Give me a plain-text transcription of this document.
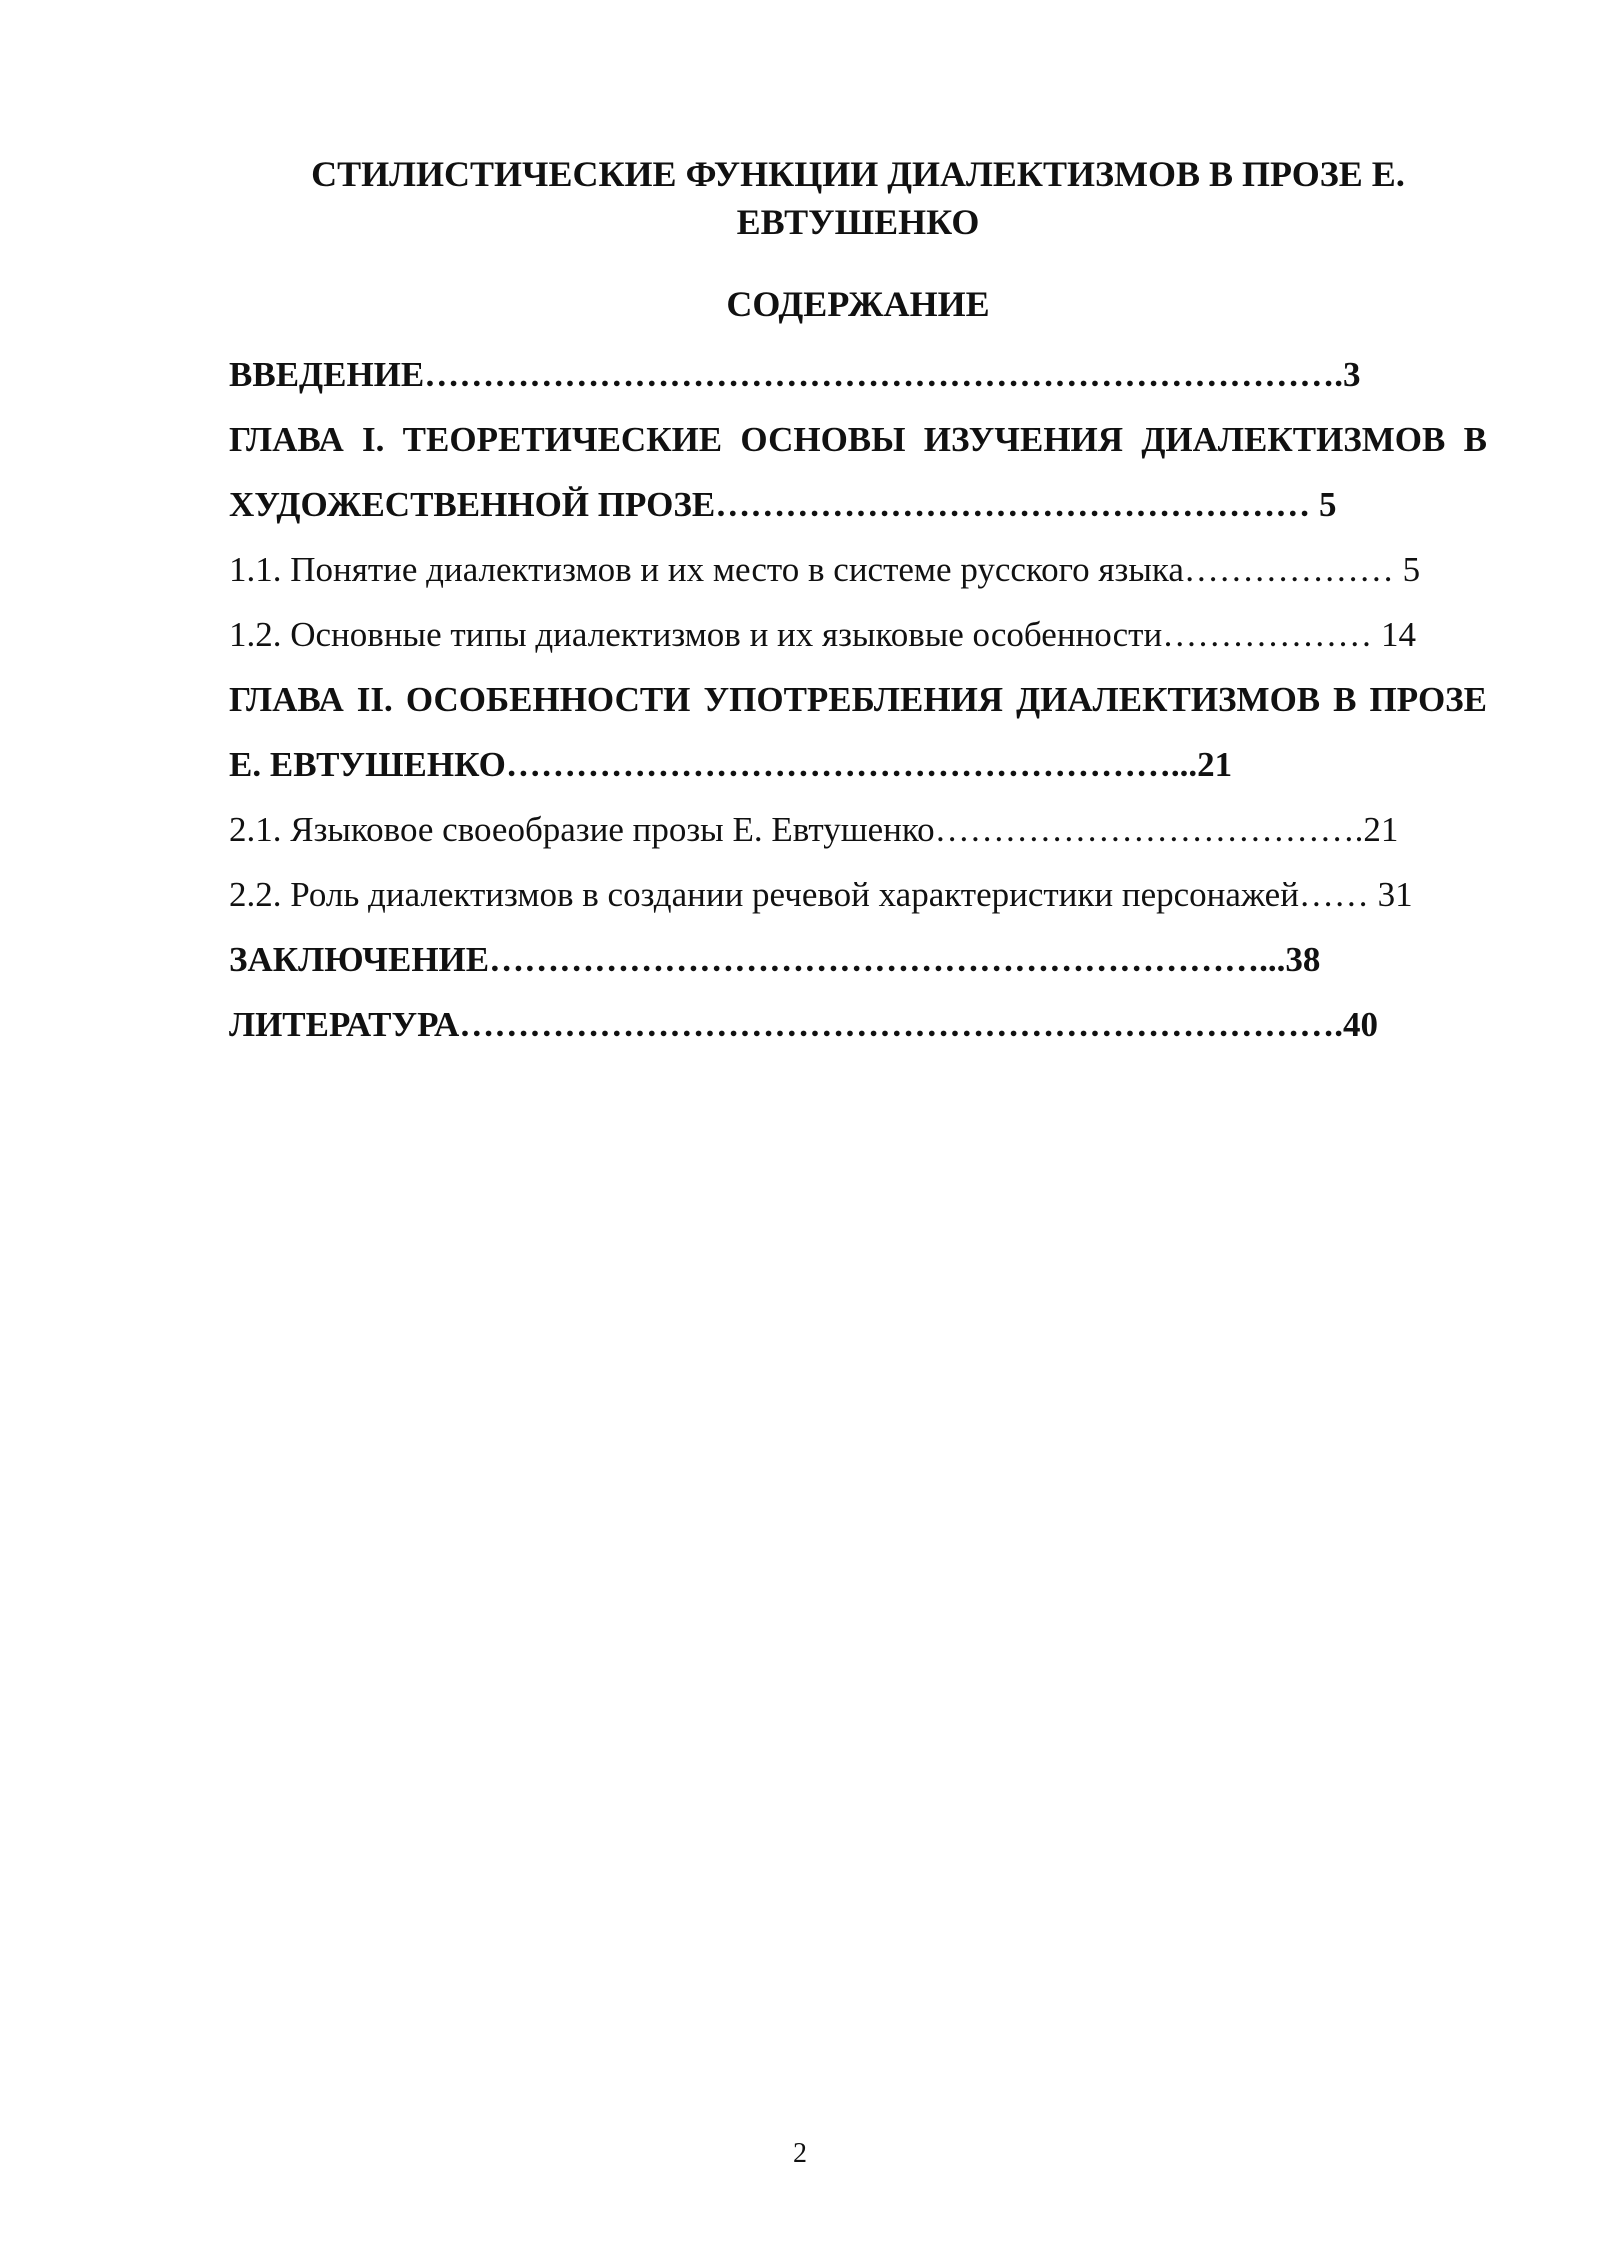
СТИЛИСТИЧЕСКИЕ ФУНКЦИИ ДИАЛЕКТИЗМОВ В ПРОЗЕ Е. ЕВТУШЕНКО

СОДЕРЖАНИЕ

ВВЕДЕНИЕ…………………………………………………………………….3

ГЛАВА I. ТЕОРЕТИЧЕСКИЕ ОСНОВЫ ИЗУЧЕНИЯ ДИАЛЕКТИЗМОВ В ХУДОЖЕСТВЕННОЙ ПРОЗЕ…………………………………………… 5

1.1. Понятие диалектизмов и их место в системе русского языка……………… 5

1.2. Основные типы диалектизмов и их языковые особенности……………… 14

ГЛАВА II. ОСОБЕННОСТИ УПОТРЕБЛЕНИЯ ДИАЛЕКТИЗМОВ В ПРОЗЕ Е. ЕВТУШЕНКО…………………………………………………...21

2.1. Языковое своеобразие прозы Е. Евтушенко……………………………….21

2.2. Роль диалектизмов в создании речевой характеристики персонажей…… 31

ЗАКЛЮЧЕНИЕ…………………………………………………………...38

ЛИТЕРАТУРА………………………………………………………………….40

2
